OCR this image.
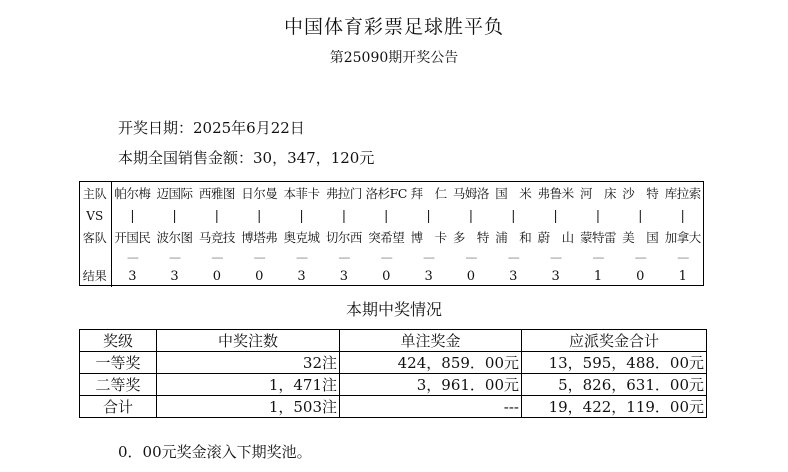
中国体育彩票足球胜平负
第25090期开奖公告
开奖日期：2025年6月22日
本期全国销售金额：30，347，120元
主队	帕尔梅	迈国际	西雅图	日尔曼	本菲卡	弗拉门	洛杉FC	拜　仁	马姆洛	国　米	弗鲁米	河　床	沙　特	库拉索
VS	|	|	|	|	|	|	|	|	|	|	|	|	|	|
客队	开国民	波尔图	马竞技	博塔弗	奥克城	切尔西	突希望	博　卡	多　特	浦　和	蔚　山	蒙特雷	美　国	加拿大
	----	----	----	----	----	----	----	----	----	----	----	----	----	----
结果	3	3	0	0	3	3	0	3	0	3	3	1	0	1
本期中奖情况
奖级	中奖注数	单注奖金	应派奖金合计
一等奖	32注	424，859．00元	13，595，488．00元
二等奖	1，471注	3，961．00元	5，826，631．00元
合计	1，503注	---	19，422，119．00元
0．00元奖金滚入下期奖池。
